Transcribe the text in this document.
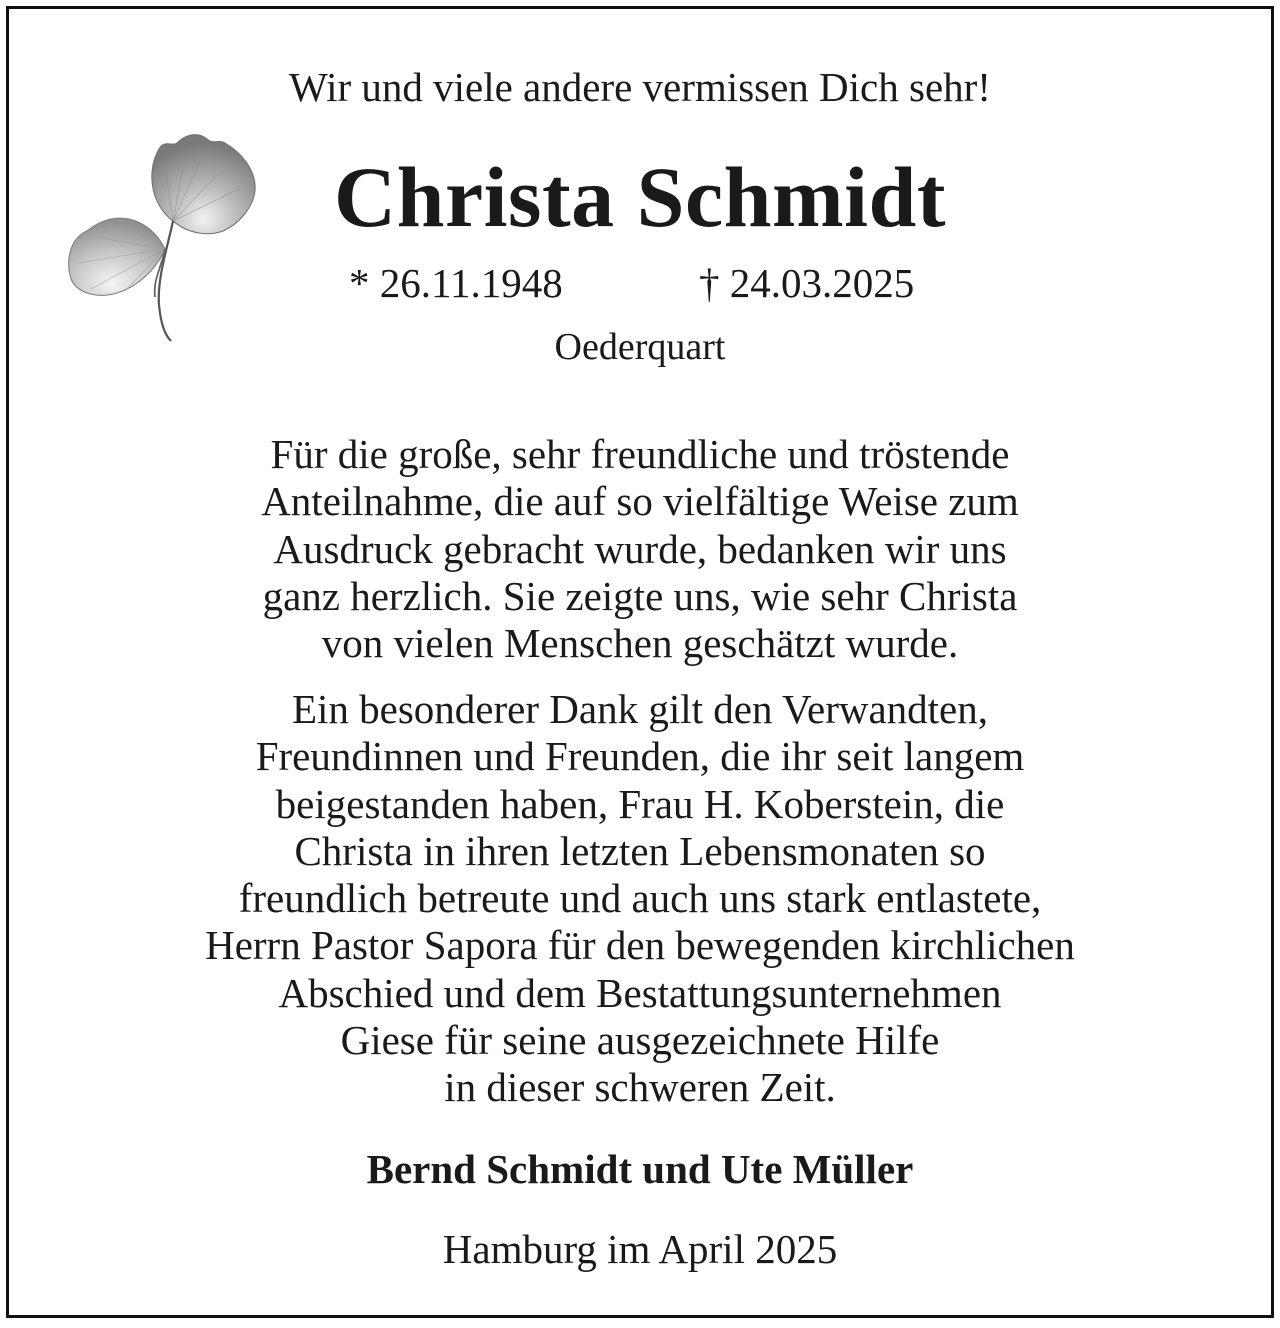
Wir und viele andere vermissen Dich sehr!
Christa Schmidt
* 26.11.1948	† 24.03.2025
Oederquart
Für die große, sehr freundliche und tröstende
Anteilnahme, die auf so vielfältige Weise zum
Ausdruck gebracht wurde, bedanken wir uns
ganz herzlich. Sie zeigte uns, wie sehr Christa
von vielen Menschen geschätzt wurde.
Ein besonderer Dank gilt den Verwandten,
Freundinnen und Freunden, die ihr seit langem
beigestanden haben, Frau H. Koberstein, die
Christa in ihren letzten Lebensmonaten so
freundlich betreute und auch uns stark entlastete,
Herrn Pastor Sapora für den bewegenden kirchlichen
Abschied und dem Bestattungsunternehmen
Giese für seine ausgezeichnete Hilfe
in dieser schweren Zeit.
Bernd Schmidt und Ute Müller
Hamburg im April 2025
